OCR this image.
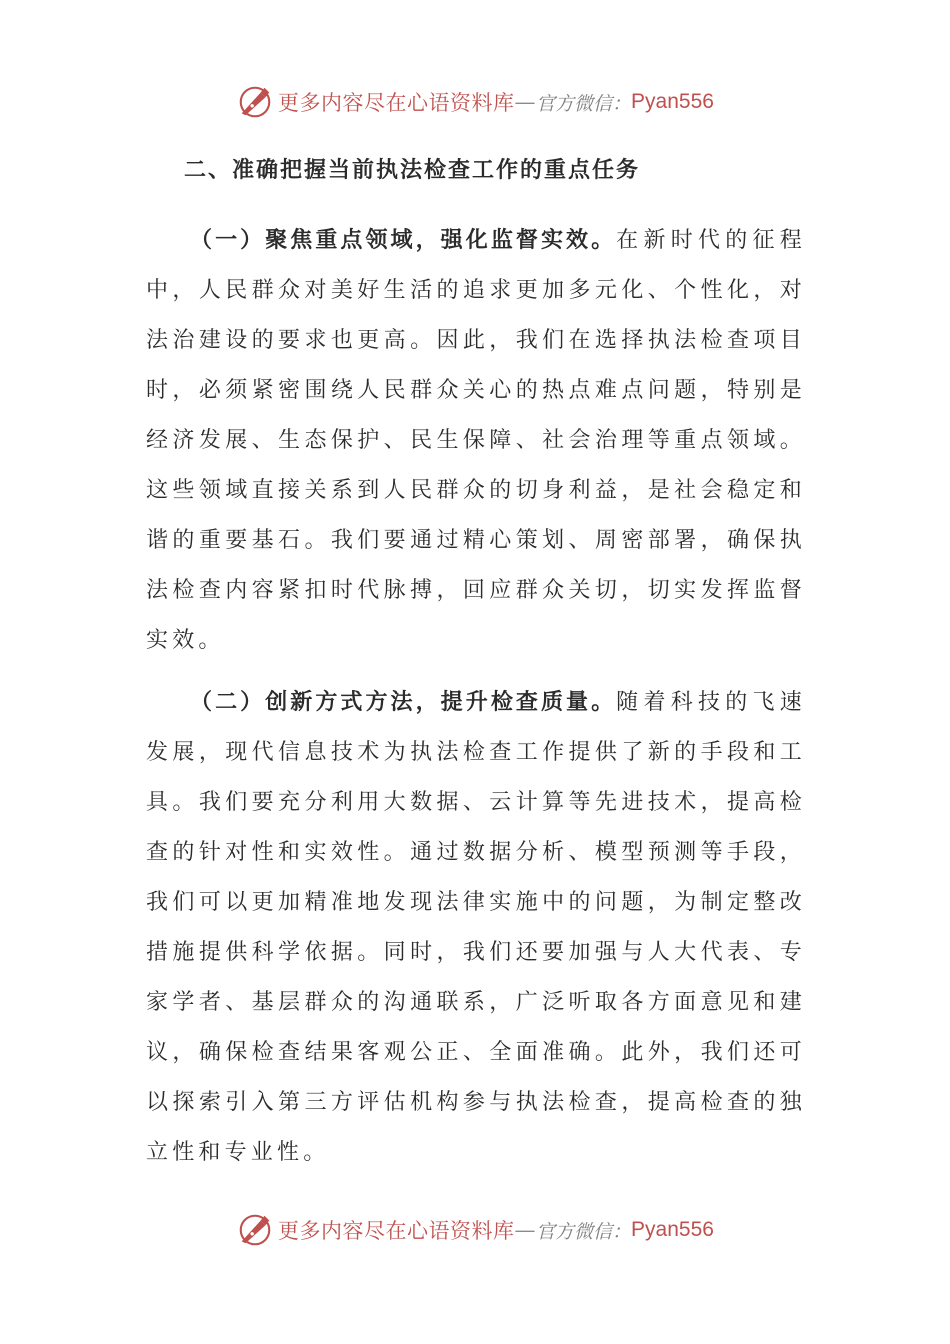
更多内容尽在心语资料库 — 官方微信： Pyan556
二、准确把握当前执法检查工作的重点任务

（一）聚焦重点领域，强化监督实效。在新时代的征程中，人民群众对美好生活的追求更加多元化、个性化，对法治建设的要求也更高。因此，我们在选择执法检查项目时，必须紧密围绕人民群众关心的热点难点问题，特别是经济发展、生态保护、民生保障、社会治理等重点领域。这些领域直接关系到人民群众的切身利益，是社会稳定和谐的重要基石。我们要通过精心策划、周密部署，确保执法检查内容紧扣时代脉搏，回应群众关切，切实发挥监督实效。

（二）创新方式方法，提升检查质量。随着科技的飞速发展，现代信息技术为执法检查工作提供了新的手段和工具。我们要充分利用大数据、云计算等先进技术，提高检查的针对性和实效性。通过数据分析、模型预测等手段，我们可以更加精准地发现法律实施中的问题，为制定整改措施提供科学依据。同时，我们还要加强与人大代表、专家学者、基层群众的沟通联系，广泛听取各方面意见和建议，确保检查结果客观公正、全面准确。此外，我们还可以探索引入第三方评估机构参与执法检查，提高检查的独立性和专业性。

更多内容尽在心语资料库 — 官方微信： Pyan556
